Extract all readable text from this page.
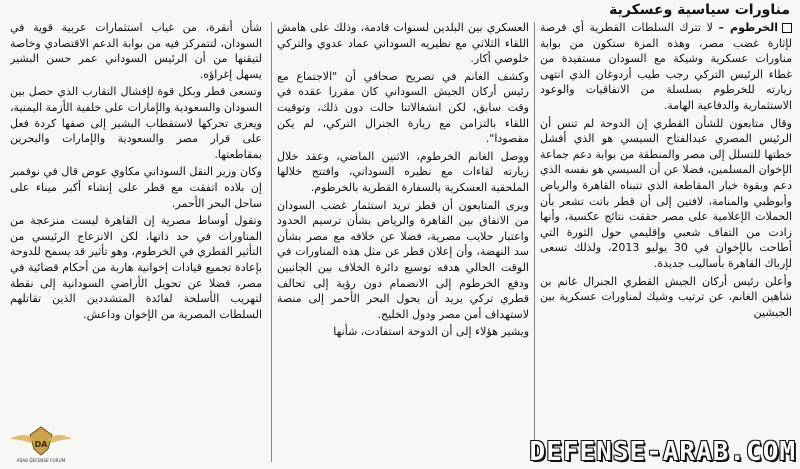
مناورات سياسية وعسكرية

الخرطوم – لا تترك السلطات القطرية أي فرصة لإثارة غضب مصر، وهذه المرة ستكون من بوابة مناورات عسكرية وشيكة مع السودان مستفيدة من غطاء الرئيس التركي رجب طيب أردوغان الذي انتهى زيارته للخرطوم بسلسلة من الاتفاقيات والوعود الاستثمارية والدفاعية الهامة.

وقال متابعون للشأن القطري إن الدوحة لم تنس أن الرئيس المصري عبدالفتاح السيسي هو الذي أفشل خطتها للتسلل إلى مصر والمنطقة من بوابة دعم جماعة الإخوان المسلمين، فضلا عن أن السيسي هو نفسه الذي دعم وبقوة خيار المقاطعة الذي تتبناه القاهرة والرياض وأبوظبي والمنامة، لافتين إلى أن قطر باتت تشعر بأن الحملات الإعلامية على مصر حققت نتائج عكسية، وأنها زادت من التفاف شعبي وإقليمي حول الثورة التي أطاحت بالإخوان في 30 يوليو 2013، ولذلك تسعى لإرباك القاهرة بأساليب جديدة.

وأعلن رئيس أركان الجيش القطري الجنرال غانم بن شاهين الغانم، عن ترتيب وشيك لمناورات عسكرية بين الجيشين

العسكري بين البلدين لسنوات قادمة، وذلك على هامش اللقاء الثلاثي مع نظيريه السوداني عماد عدوي والتركي خلوصي أكار.

وكشف الغانم في تصريح صحافي أن "الاجتماع مع رئيس أركان الجيش السوداني كان مقررا عقده في وقت سابق، لكن انشغالاتنا حالت دون ذلك، وتوقيت اللقاء بالتزامن مع زيارة الجنرال التركي، لم يكن مقصودا".

ووصل الغانم الخرطوم، الاثنين الماضي، وعقد خلال زيارته لقاءات مع نظيره السوداني، وافتتح خلالها الملحقية العسكرية بالسفارة القطرية بالخرطوم.

ويرى المتابعون أن قطر تريد استثمار غضب السودان من الاتفاق بين القاهرة والرياض بشأن ترسيم الحدود واعتبار حلايب مصرية، فضلا عن خلافه مع مصر بشأن سد النهضة، وأن إعلان قطر عن مثل هذه المناورات في الوقت الحالي هدفه توسيع دائرة الخلاف بين الجانبين ودفع الخرطوم إلى الانضمام دون رؤية إلى تحالف قطري تركي يريد أن يحول البحر الأحمر إلى منصة لاستهداف أمن مصر ودول الخليج.

ويشير هؤلاء إلى أن الدوحة استفادت، شأنها

شأن أنقرة، من غياب استثمارات عربية قوية في السودان، لتتمركز فيه من بوابة الدعم الاقتصادي وخاصة لتيقنها من أن الرئيس السوداني عمر حسن البشير يسهل إغراؤه.

وتسعى قطر وبكل قوة لإفشال التقارب الذي حصل بين السودان والسعودية والإمارات على خلفية الأزمة اليمنية، ويعزى تحركها لاستقطاب البشير إلى صفها كردة فعل على قرار مصر والسعودية والإمارات والبحرين بمقاطعتها.

وكان وزير النقل السوداني مكاوي عوض قال في نوفمبر إن بلاده اتفقت مع قطر على إنشاء أكبر ميناء على ساحل البحر الأحمر.

وتقول أوساط مصرية إن القاهرة ليست منزعجة من المناورات في حد ذاتها، لكن الانزعاج الرئيسي من التأثير القطري في الخرطوم، وهو تأثير قد يسمح للدوحة بإعادة تجميع قيادات إخوانية هاربة من أحكام قضائية في مصر، فضلا عن تحويل الأراضي السودانية إلى نقطة لتهريب الأسلحة لفائدة المتشددين الذين تقاتلهم السلطات المصرية من الإخوان وداعش.

DA
ARAB DEFENSE FORUM	DEFENSE-ARAB.COM
